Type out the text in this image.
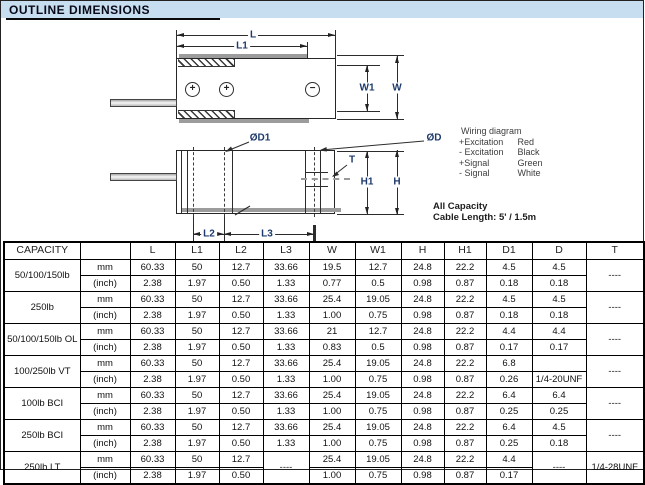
OUTLINE DIMENSIONS
+	+	−
L
L1
W1 W
H1 H
L2	L3
ØD1	ØD
T
Wiring diagram
+Excitation Red
- Excitation Black
+Signal	Green
- Signal	White
All Capacity
Cable Length: 5' / 1.5m
CAPACITY		L	L1	L2	L3	W	W1	H	H1	D1	D	T
50/100/150lb	mm	60.33	50	12.7	33.66	19.5	12.7	24.8	22.2	4.5	4.5	----
	(inch)	2.38	1.97	0.50	1.33	0.77	0.5	0.98	0.87	0.18	0.18	
250lb	mm	60.33	50	12.7	33.66	25.4	19.05	24.8	22.2	4.5	4.5	----
	(inch)	2.38	1.97	0.50	1.33	1.00	0.75	0.98	0.87	0.18	0.18	
50/100/150lb OL	mm	60.33	50	12.7	33.66	21	12.7	24.8	22.2	4.4	4.4	----
	(inch)	2.38	1.97	0.50	1.33	0.83	0.5	0.98	0.87	0.17	0.17	
100/250lb VT	mm	60.33	50	12.7	33.66	25.4	19.05	24.8	22.2	6.8		----
	(inch)	2.38	1.97	0.50	1.33	1.00	0.75	0.98	0.87	0.26	1/4-20UNF	
100lb BCI	mm	60.33	50	12.7	33.66	25.4	19.05	24.8	22.2	6.4	6.4	----
	(inch)	2.38	1.97	0.50	1.33	1.00	0.75	0.98	0.87	0.25	0.25	
250lb BCI	mm	60.33	50	12.7	33.66	25.4	19.05	24.8	22.2	6.4	4.5	----
	(inch)	2.38	1.97	0.50	1.33	1.00	0.75	0.98	0.87	0.25	0.18	
250lb LT	mm	60.33	50	12.7	----	25.4	19.05	24.8	22.2	4.4	----	1/4-28UNF
	(inch)	2.38	1.97	0.50		1.00	0.75	0.98	0.87	0.17		
